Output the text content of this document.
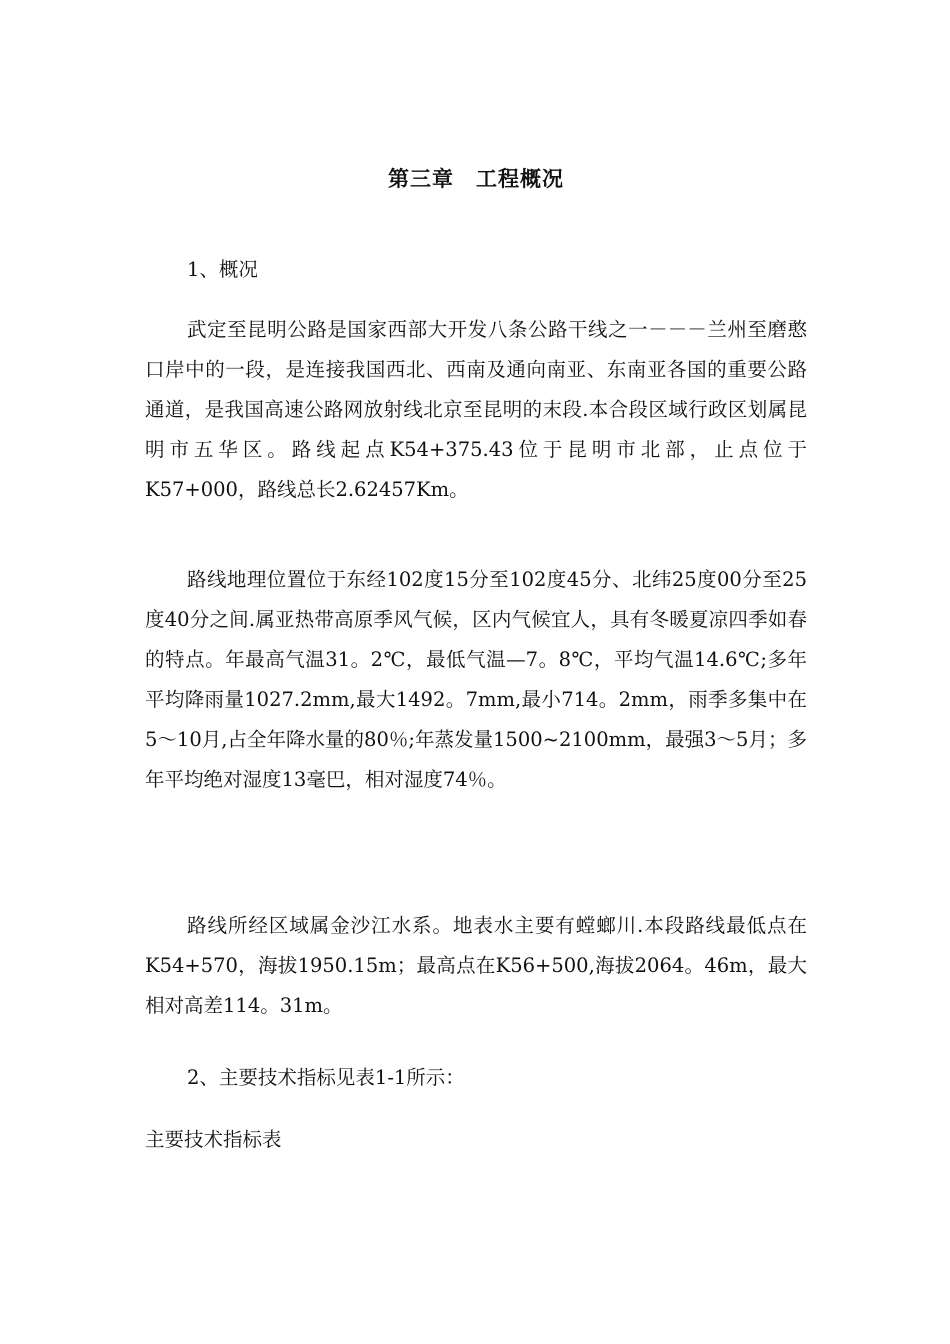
第三章　工程概况

1、概况

武定至昆明公路是国家西部大开发八条公路干线之一－－－兰州至磨憨口岸中的一段，是连接我国西北、西南及通向南亚、东南亚各国的重要公路通道，是我国高速公路网放射线北京至昆明的末段.本合段区域行政区划属昆明市五华区。路线起点K54+375.43位于昆明市北部，止点位于K57+000，路线总长2.62457Km。

路线地理位置位于东经102度15分至102度45分、北纬25度00分至25度40分之间.属亚热带高原季风气候，区内气候宜人，具有冬暖夏凉四季如春的特点。年最高气温31。2℃，最低气温—7。8℃，平均气温14.6℃;多年平均降雨量1027.2mm,最大1492。7mm,最小714。2mm，雨季多集中在5～10月,占全年降水量的80％;年蒸发量1500~2100mm，最强3～5月；多年平均绝对湿度13毫巴，相对湿度74％。

路线所经区域属金沙江水系。地表水主要有螳螂川.本段路线最低点在K54+570，海拔1950.15m；最高点在K56+500,海拔2064。46m，最大相对高差114。31m。

2、主要技术指标见表1-1所示：

主要技术指标表
